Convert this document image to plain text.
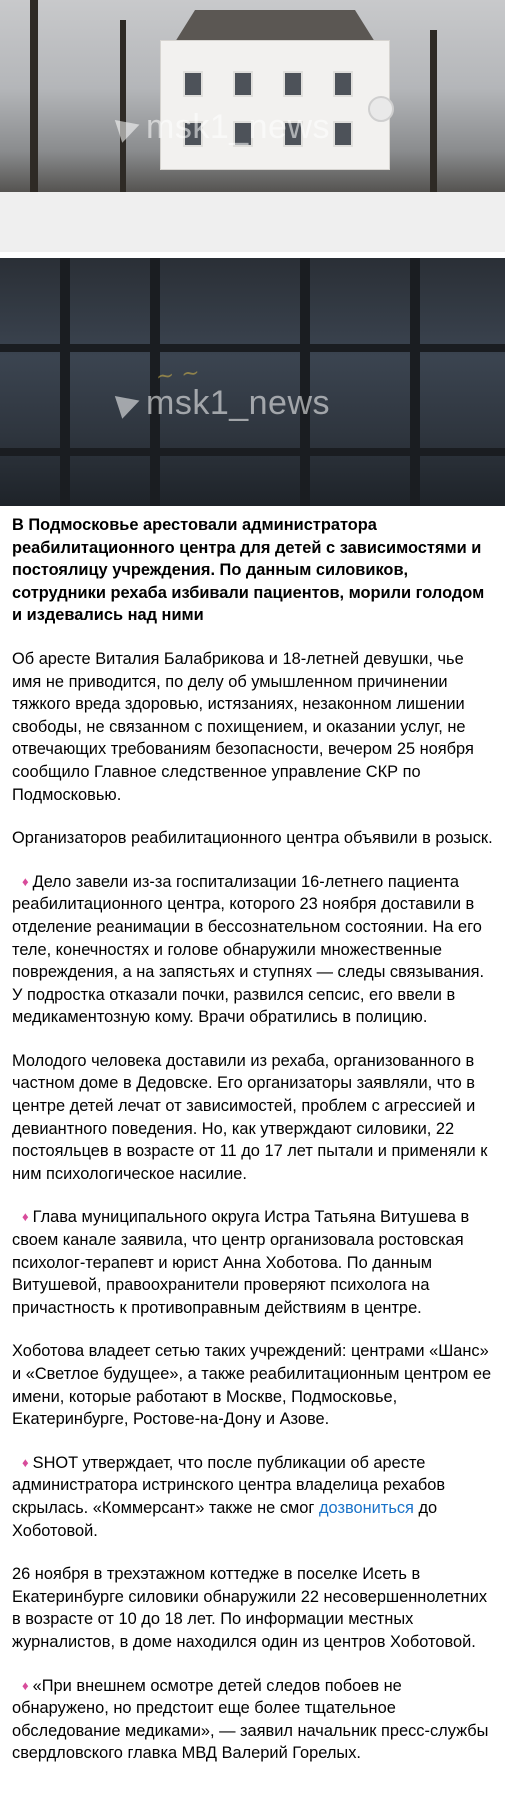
msk1_news
~ ~
msk1_news

В Подмосковье арестовали администратора реабилитационного центра для детей с зависимостями и постоялицу учреждения. По данным силовиков, сотрудники рехаба избивали пациентов, морили голодом и издевались над ними

Об аресте Виталия Балабрикова и 18-летней девушки, чье имя не приводится, по делу об умышленном причинении тяжкого вреда здоровью, истязаниях, незаконном лишении свободы, не связанном с похищением, и оказании услуг, не отвечающих требованиям безопасности, вечером 25 ноября сообщило Главное следственное управление СКР по Подмосковью.

Организаторов реабилитационного центра объявили в розыск.

♦ Дело завели из-за госпитализации 16-летнего пациента реабилитационного центра, которого 23 ноября доставили в отделение реанимации в бессознательном состоянии. На его теле, конечностях и голове обнаружили множественные повреждения, а на запястьях и ступнях — следы связывания. У подростка отказали почки, развился сепсис, его ввели в медикаментозную кому. Врачи обратились в полицию.

Молодого человека доставили из рехаба, организованного в частном доме в Дедовске. Его организаторы заявляли, что в центре детей лечат от зависимостей, проблем с агрессией и девиантного поведения. Но, как утверждают силовики, 22 постояльцев в возрасте от 11 до 17 лет пытали и применяли к ним психологическое насилие.

♦ Глава муниципального округа Истра Татьяна Витушева в своем канале заявила, что центр организовала ростовская психолог-терапевт и юрист Анна Хоботова. По данным Витушевой, правоохранители проверяют психолога на причастность к противоправным действиям в центре.

Хоботова владеет сетью таких учреждений: центрами «Шанс» и «Светлое будущее», а также реабилитационным центром ее имени, которые работают в Москве, Подмосковье, Екатеринбурге, Ростове-на-Дону и Азове.

♦ SHOT утверждает, что после публикации об аресте администратора истринского центра владелица рехабов скрылась. «Коммерсант» также не смог дозвониться до Хоботовой.

26 ноября в трехэтажном коттедже в поселке Исеть в Екатеринбурге силовики обнаружили 22 несовершеннолетних в возрасте от 10 до 18 лет. По информации местных журналистов, в доме находился один из центров Хоботовой.

♦ «При внешнем осмотре детей следов побоев не обнаружено, но предстоит еще более тщательное обследование медиками», — заявил начальник пресс-службы свердловского главка МВД Валерий Горелых.
